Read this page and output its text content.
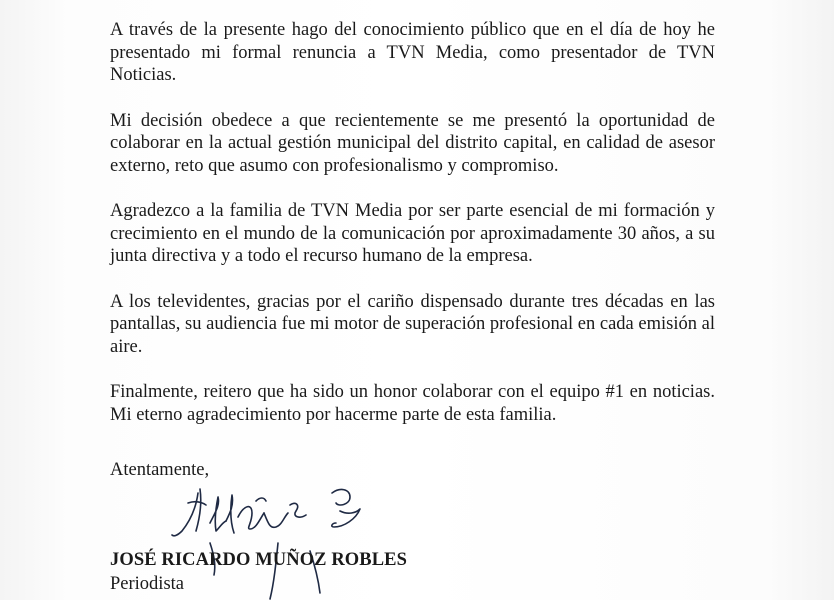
A través de la presente hago del conocimiento público que en el día de hoy he presentado mi formal renuncia a TVN Media, como presentador de TVN Noticias.

Mi decisión obedece a que recientemente se me presentó la oportunidad de colaborar en la actual gestión municipal del distrito capital, en calidad de asesor externo, reto que asumo con profesionalismo y compromiso.

Agradezco a la familia de TVN Media por ser parte esencial de mi formación y crecimiento en el mundo de la comunicación por aproximadamente 30 años, a su junta directiva y a todo el recurso humano de la empresa.

A los televidentes, gracias por el cariño dispensado durante tres décadas en las pantallas, su audiencia fue mi motor de superación profesional en cada emisión al aire.

Finalmente, reitero que ha sido un honor colaborar con el equipo #1 en noticias. Mi eterno agradecimiento por hacerme parte de esta familia.

Atentamente,
JOSÉ RICARDO MUÑOZ ROBLES
Periodista
